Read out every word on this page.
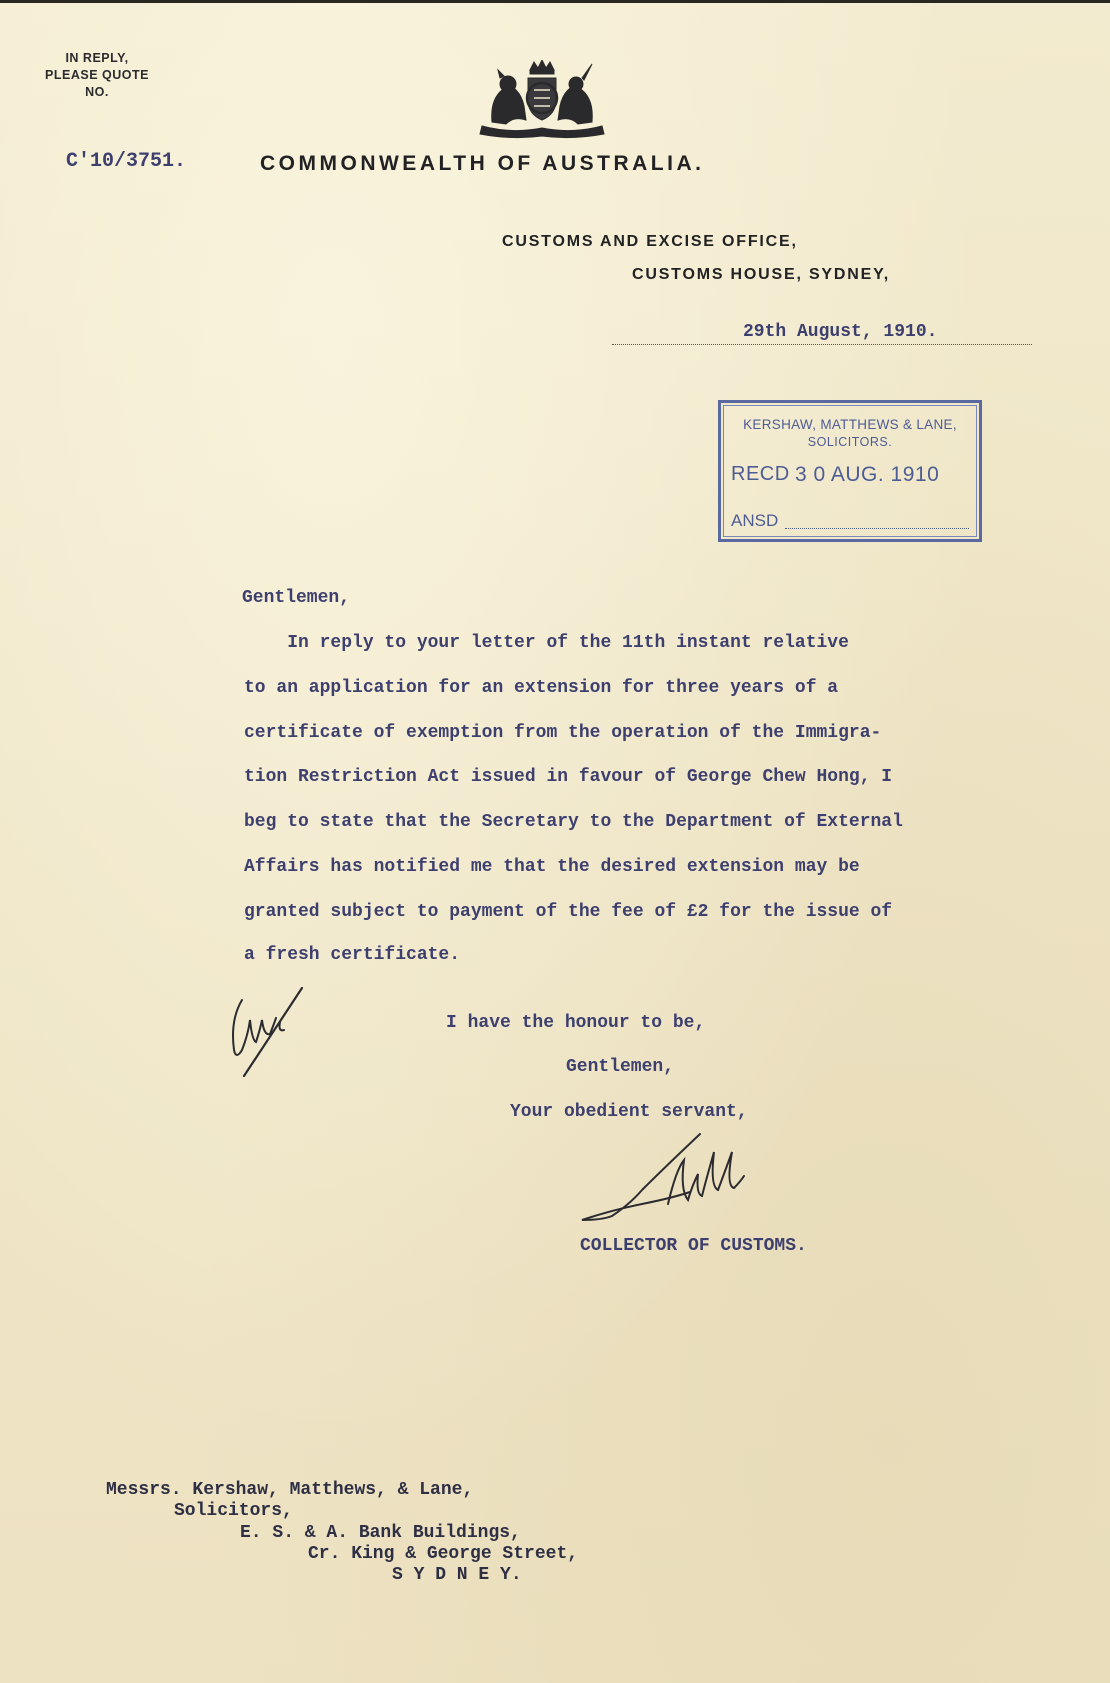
IN REPLY,
PLEASE QUOTE
NO.
C'10/3751.	COMMONWEALTH OF AUSTRALIA.
CUSTOMS AND EXCISE OFFICE,
CUSTOMS HOUSE, SYDNEY,
29th August, 1910.
KERSHAW, MATTHEWS & LANE,
SOLICITORS.
RECD 3 0 AUG. 1910
ANSD
Gentlemen,
In reply to your letter of the 11th instant relative
to an application for an extension for three years of a
certificate of exemption from the operation of the Immigra-
tion Restriction Act issued in favour of George Chew Hong, I
beg to state that the Secretary to the Department of External
Affairs has notified me that the desired extension may be
granted subject to payment of the fee of £2 for the issue of
a fresh certificate.
I have the honour to be,
Gentlemen,
Your obedient servant,
COLLECTOR OF CUSTOMS.
Messrs. Kershaw, Matthews, & Lane,
Solicitors,
E. S. & A. Bank Buildings,
Cr. King & George Street,
S Y D N E Y.
